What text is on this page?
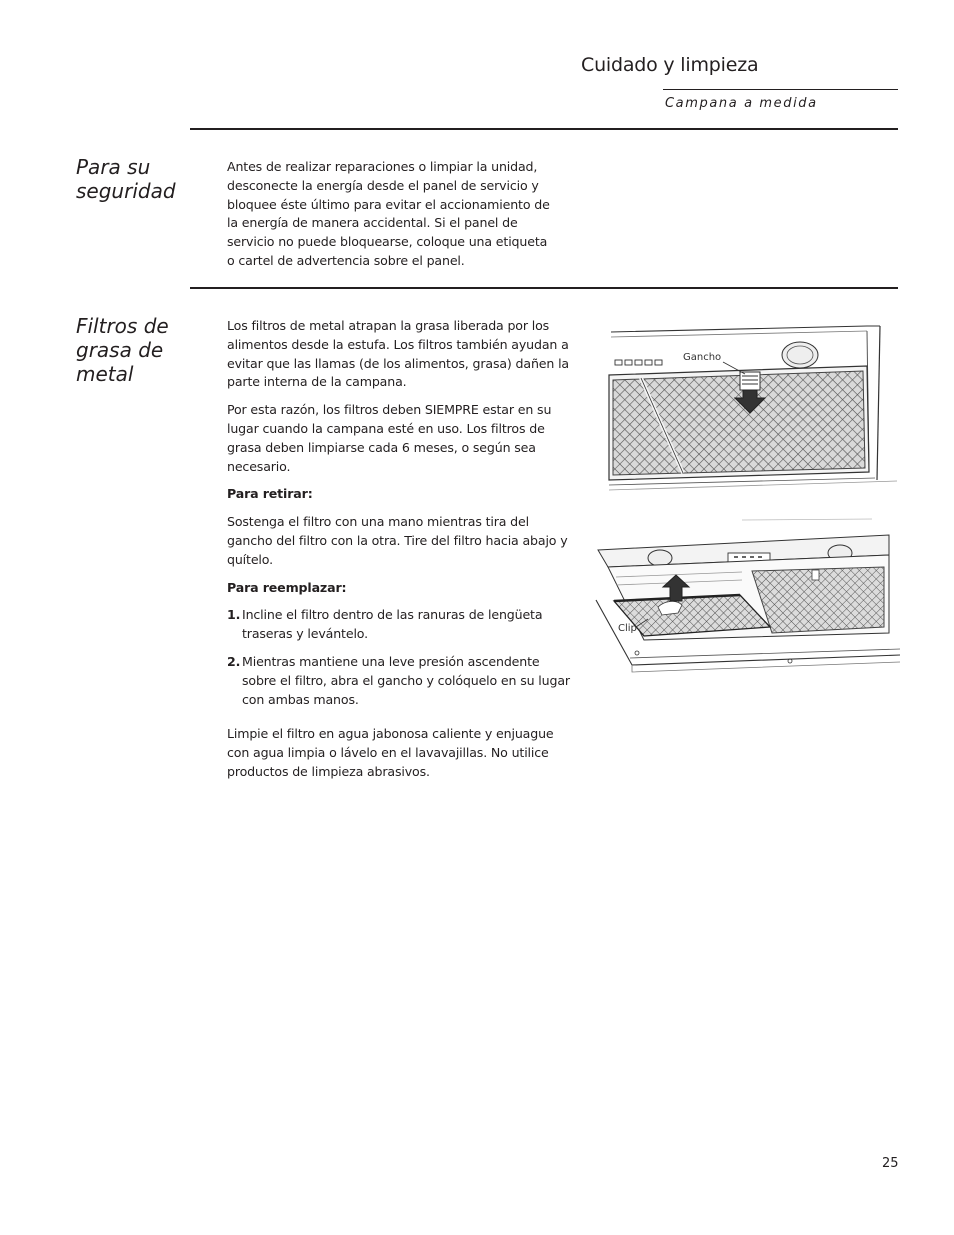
Cuidado y limpieza
Campana a medida
Para su
seguridad

Antes de realizar reparaciones o limpiar la unidad, desconecte la energía desde el panel de servicio y bloquee éste último para evitar el accionamiento de la energía de manera accidental. Si el panel de servicio no puede bloquearse, coloque una etiqueta o cartel de advertencia sobre el panel.

Filtros de
grasa de
metal

Los filtros de metal atrapan la grasa liberada por los alimentos desde la estufa. Los filtros también ayudan a evitar que las llamas (de los alimentos, grasa) dañen la parte interna de la campana.

Por esta razón, los filtros deben SIEMPRE estar en su lugar cuando la campana esté en uso. Los filtros de grasa deben limpiarse cada 6 meses, o según sea necesario.

Para retirar:

Sostenga el filtro con una mano mientras tira del gancho del filtro con la otra. Tire del filtro hacia abajo y quítelo.

Para reemplazar:

1. Incline el filtro dentro de las ranuras de lengüeta traseras y levántelo.
2. Mientras mantiene una leve presión ascendente sobre el filtro, abra el gancho y colóquelo en su lugar con ambas manos.

Limpie el filtro en agua jabonosa caliente y enjuague con agua limpia o lávelo en el lavavajillas. No utilice productos de limpieza abrasivos.

Gancho
Clip
25
